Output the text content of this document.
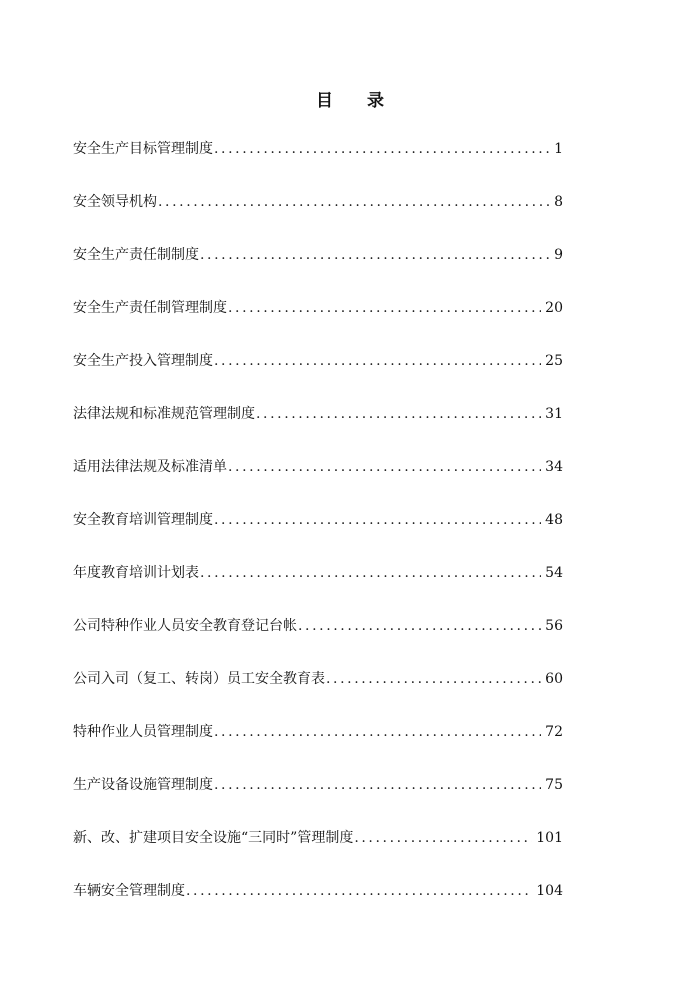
目 录
安全生产目标管理制度 .....	1
安全领导机构 .....	8
安全生产责任制制度 .....	9
安全生产责任制管理制度 .....	20
安全生产投入管理制度 .....	25
法律法规和标准规范管理制度 .....	31
适用法律法规及标准清单 .....	34
安全教育培训管理制度 .....	48
年度教育培训计划表 .....	54
公司特种作业人员安全教育登记台帐 .....	56
公司入司（复工、转岗）员工安全教育表 .....	60
特种作业人员管理制度 .....	72
生产设备设施管理制度 .....	75
新、改、扩建项目安全设施“三同时”管理制度 .....	101
车辆安全管理制度 .....	104
